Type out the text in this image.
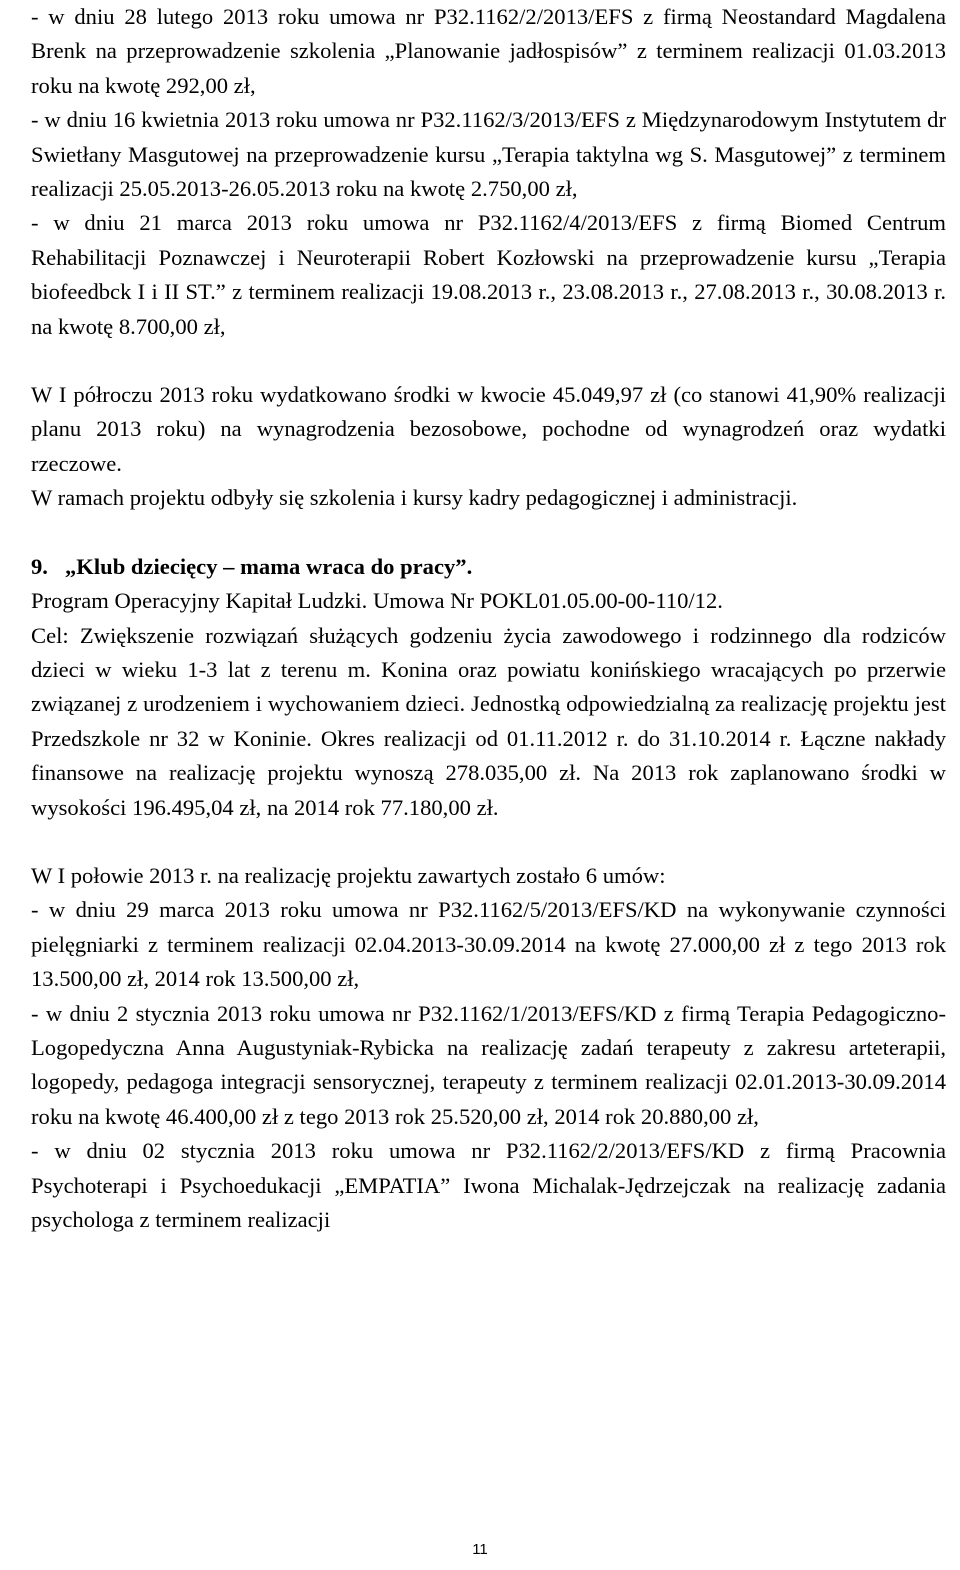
- w dniu 28 lutego 2013 roku umowa nr P32.1162/2/2013/EFS z firmą Neostandard Magdalena Brenk na przeprowadzenie szkolenia „Planowanie jadłospisów” z terminem realizacji 01.03.2013 roku na kwotę 292,00 zł,

- w dniu 16 kwietnia 2013 roku umowa nr P32.1162/3/2013/EFS z Międzynarodowym Instytutem dr Swietłany Masgutowej na przeprowadzenie kursu „Terapia taktylna wg S. Masgutowej” z terminem realizacji 25.05.2013-26.05.2013 roku na kwotę 2.750,00 zł,

- w dniu 21 marca 2013 roku umowa nr P32.1162/4/2013/EFS z firmą Biomed Centrum Rehabilitacji Poznawczej i Neuroterapii Robert Kozłowski na przeprowadzenie kursu „Terapia biofeedbck I i II ST.” z terminem realizacji 19.08.2013 r., 23.08.2013 r., 27.08.2013 r., 30.08.2013 r. na kwotę 8.700,00 zł,

W I półroczu 2013 roku wydatkowano środki w kwocie 45.049,97 zł (co stanowi 41,90% realizacji planu 2013 roku) na wynagrodzenia bezosobowe, pochodne od wynagrodzeń oraz wydatki rzeczowe.

W ramach projektu odbyły się szkolenia i kursy kadry pedagogicznej i administracji.

9. „Klub dziecięcy – mama wraca do pracy”.

Program Operacyjny Kapitał Ludzki. Umowa Nr POKL01.05.00-00-110/12.

Cel: Zwiększenie rozwiązań służących godzeniu życia zawodowego i rodzinnego dla rodziców dzieci w wieku 1-3 lat z terenu m. Konina oraz powiatu konińskiego wracających po przerwie związanej z urodzeniem i wychowaniem dzieci. Jednostką odpowiedzialną za realizację projektu jest Przedszkole nr 32 w Koninie. Okres realizacji od 01.11.2012 r. do 31.10.2014 r. Łączne nakłady finansowe na realizację projektu wynoszą 278.035,00 zł. Na 2013 rok zaplanowano środki w wysokości 196.495,04 zł, na 2014 rok 77.180,00 zł.

W I połowie 2013 r. na realizację projektu zawartych zostało 6 umów:

- w dniu 29 marca 2013 roku umowa nr P32.1162/5/2013/EFS/KD na wykonywanie czynności pielęgniarki z terminem realizacji 02.04.2013-30.09.2014 na kwotę 27.000,00 zł z tego 2013 rok 13.500,00 zł, 2014 rok 13.500,00 zł,

- w dniu 2 stycznia 2013 roku umowa nr P32.1162/1/2013/EFS/KD z firmą Terapia Pedagogiczno-Logopedyczna Anna Augustyniak-Rybicka na realizację zadań terapeuty z zakresu arteterapii, logopedy, pedagoga integracji sensorycznej, terapeuty z terminem realizacji 02.01.2013-30.09.2014 roku na kwotę 46.400,00 zł z tego 2013 rok 25.520,00 zł, 2014 rok 20.880,00 zł,

- w dniu 02 stycznia 2013 roku umowa nr P32.1162/2/2013/EFS/KD z firmą Pracownia Psychoterapi i Psychoedukacji „EMPATIA” Iwona Michalak-Jędrzejczak na realizację zadania psychologa z terminem realizacji

11
